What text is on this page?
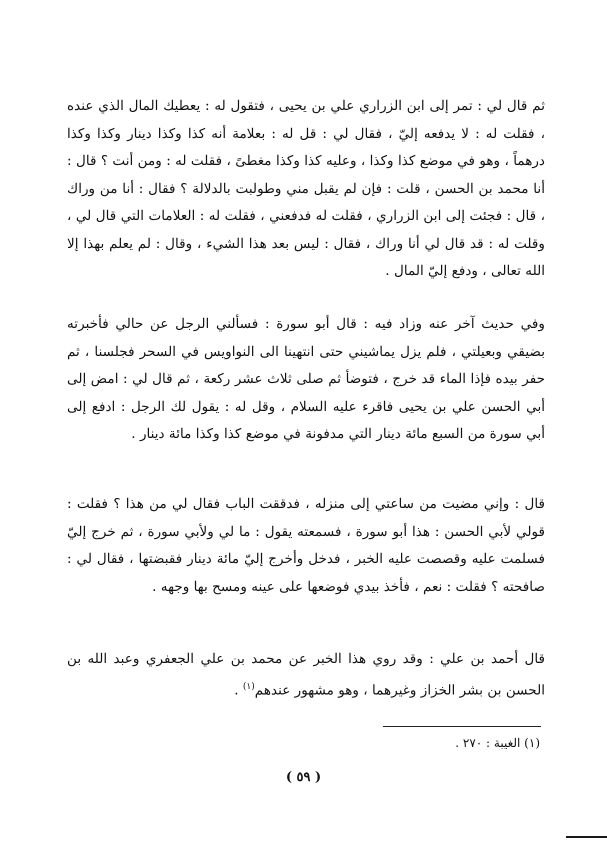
ثم قال لي : تمر إلى ابن الزراري علي بن يحيى ، فتقول له : يعطيك المال الذي عنده ، فقلت له : لا يدفعه إليّ ، فقال لي : قل له : بعلامة أنه كذا وكذا دينار وكذا وكذا درهماً ، وهو في موضع كذا وكذا ، وعليه كذا وكذا مغطىً ، فقلت له : ومن أنت ؟ قال : أنا محمد بن الحسن ، قلت : فإن لم يقبل مني وطولبت بالدلالة ؟ فقال : أنا من وراك ، قال : فجئت إلى ابن الزراري ، فقلت له فدفعني ، فقلت له : العلامات التي قال لي ، وقلت له : قد قال لي أنا وراك ، فقال : ليس بعد هذا الشيء ، وقال : لم يعلم بهذا إلا الله تعالى ، ودفع إليّ المال .

وفي حديث آخر عنه وزاد فيه : قال أبو سورة : فسألني الرجل عن حالي فأخبرته بضيقي وبعيلتي ، فلم يزل يماشيني حتى انتهينا الى النواويس في السحر فجلسنا ، ثم حفر بيده فإذا الماء قد خرج ، فتوضأ ثم صلى ثلاث عشر ركعة ، ثم قال لي : امض إلى أبي الحسن علي بن يحيى فاقرء عليه السلام ، وقل له : يقول لك الرجل : ادفع إلى أبي سورة من السبع مائة دينار التي مدفونة في موضع كذا وكذا مائة دينار .

قال : وإني مضيت من ساعتي إلى منزله ، فدققت الباب فقال لي من هذا ؟ فقلت : قولي لأبي الحسن : هذا أبو سورة ، فسمعته يقول : ما لي ولأبي سورة ، ثم خرج إليّ فسلمت عليه وقصصت عليه الخبر ، فدخل وأخرج إليّ مائة دينار فقبضتها ، فقال لي : صافحته ؟ فقلت : نعم ، فأخذ بيدي فوضعها على عينه ومسح بها وجهه .

قال أحمد بن علي : وقد روي هذا الخبر عن محمد بن علي الجعفري وعبد الله بن الحسن بن بشر الخزاز وغيرهما ، وهو مشهور عندهم$^{(١)}$ .

(١) الغيبة : ٢٧٠ .

( ٥٩ )
